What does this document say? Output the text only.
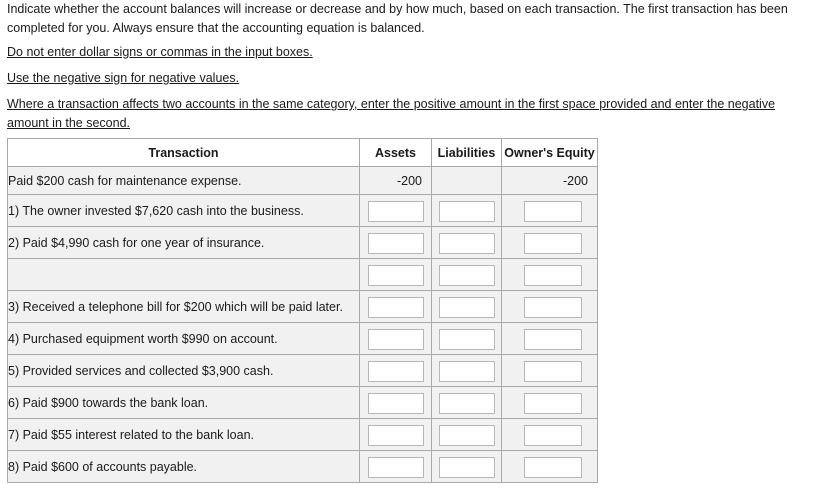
Indicate whether the account balances will increase or decrease and by how much, based on each transaction. The first transaction has been completed for you. Always ensure that the accounting equation is balanced.
Do not enter dollar signs or commas in the input boxes.
Use the negative sign for negative values.
Where a transaction affects two accounts in the same category, enter the positive amount in the first space provided and enter the negative amount in the second.
Transaction	Assets	Liabilities	Owner's Equity
Paid $200 cash for maintenance expense.	-200		-200
1) The owner invested $7,620 cash into the business.			
2) Paid $4,990 cash for one year of insurance.			

3) Received a telephone bill for $200 which will be paid later.			
4) Purchased equipment worth $990 on account.			
5) Provided services and collected $3,900 cash.			
6) Paid $900 towards the bank loan.			
7) Paid $55 interest related to the bank loan.			
8) Paid $600 of accounts payable.			
